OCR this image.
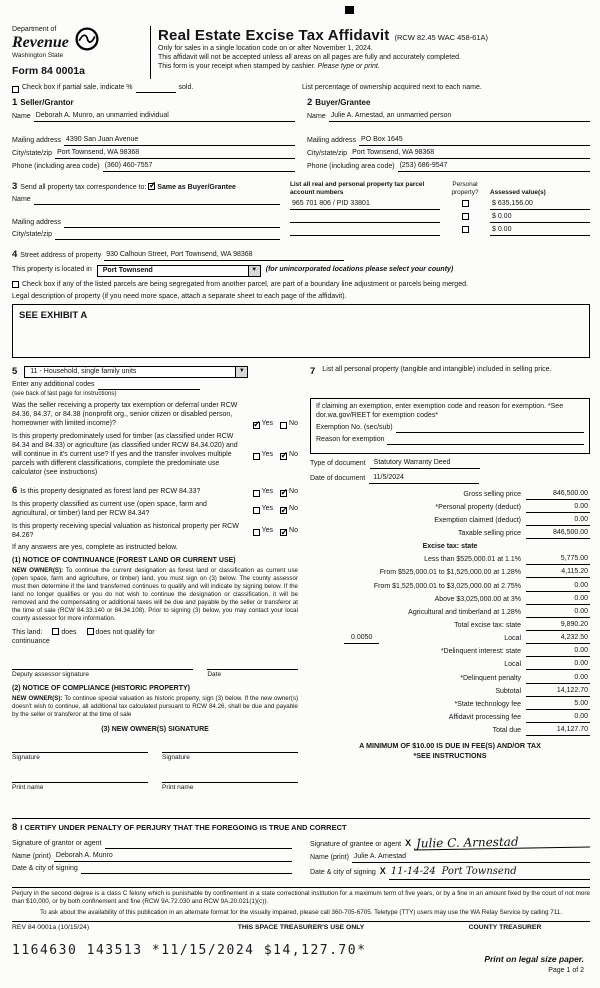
Department of
Revenue
Washington State
Form 84 0001a
Real Estate Excise Tax Affidavit (RCW 82.45 WAC 458-61A)
Only for sales in a single location code on or after November 1, 2024.
This affidavit will not be accepted unless all areas on all pages are fully and accurately completed.
This form is your receipt when stamped by cashier. Please type or print.
Check box if partial sale, indicate %	sold.	List percentage of ownership acquired next to each name.
1 Seller/Grantor
Name Deborah A. Munro, an unmarried individual
Mailing address 4390 San Juan Avenue
City/state/zip Port Townsend, WA 98368
Phone (including area code) (360) 460-7557
2 Buyer/Grantee
Name Julie A. Arnestad, an unmarried person
Mailing address PO Box 1645
City/state/zip Port Townsend, WA 98368
Phone (including area code) (253) 686-9547
3 Send all property tax correspondence to: ✓ Same as Buyer/Grantee
Name
Mailing address
City/state/zip
List all real and personal property tax parcel account numbers
Personal property?	Assessed value(s)
965 701 806 / PID 33801	$ 635,156.00
$ 0.00
$ 0.00
4 Street address of property 930 Calhoun Street, Port Townsend, WA 98368
This property is located in	Port Townsend	▼	(for unincorporated locations please select your county)
Check box if any of the listed parcels are being segregated from another parcel, are part of a boundary line adjustment or parcels being merged.
Legal description of property (if you need more space, attach a separate sheet to each page of the affidavit).
SEE EXHIBIT A
5	11 - Household, single family units	▼
Enter any additional codes
(see back of last page for instructions)
Was the seller receiving a property tax exemption or deferral under RCW 84.36, 84.37, or 84.38 (nonprofit org., senior citizen or disabled person, homeowner with limited income)? ✓	Yes No
Is this property predominately used for timber (as classified under RCW 84.34 and 84.33) or agriculture (as classified under RCW 84.34.020) and will continue in it's current use? If yes and the transfer involves multiple parcels with different classifications, complete the predominate use calculator (see instructions)
Yes ✓ No
6 Is this property designated as forest land per RCW 84.33?	Yes ✓ No
Is this property classified as current use (open space, farm and agricultural, or timber) land per RCW 84.34?
Yes ✓ No
Is this property receiving special valuation as historical property per RCW 84.26?
Yes ✓ No
If any answers are yes, complete as instructed below.
(1) NOTICE OF CONTINUANCE (FOREST LAND OR CURRENT USE)
NEW OWNER(S): To continue the current designation as forest land or classification as current use (open space, farm and agriculture, or timber) land, you must sign on (3) below. The county assessor must then determine if the land transferred continues to qualify and will indicate by signing below. If the land no longer qualifies or you do not wish to continue the designation or classification, it will be removed and the compensating or additional taxes will be due and payable by the seller or transferor at the time of sale (RCW 84.33.140 or 84.34.108). Prior to signing (3) below, you may contact your local county assessor for more information.
This land:	does	does not qualify for
continuance
Deputy assessor signature	Date
(2) NOTICE OF COMPLIANCE (HISTORIC PROPERTY)
NEW OWNER(S): To continue special valuation as historic property, sign (3) below. If the new owner(s) doesn't wish to continue, all additional tax calculated pursuant to RCW 84.26, shall be due and payable by the seller or transferor at the time of sale
(3) NEW OWNER(S) SIGNATURE
Signature	Signature
Print name	Print name
7 List all personal property (tangible and intangible) included in selling price.
If claiming an exemption, enter exemption code and reason for exemption. *See dor.wa.gov/REET for exemption codes*
Exemption No. (sec/sub)
Reason for exemption
Type of document	Statutory Warranty Deed
Date of document	11/5/2024
Gross selling price	846,500.00
*Personal property (deduct)	0.00
Exemption claimed (deduct)	0.00
Taxable selling price	846,500.00
Excise tax: state
Less than $525,000.01 at 1.1%	5,775.00
From $525,000.01 to $1,525,000.00 at 1.28%	4,115.20
From $1,525,000.01 to $3,025,000.00 at 2.75%	0.00
Above $3,025,000.00 at 3%	0.00
Agricultural and timberland at 1.28%	0.00
Total excise tax: state	9,890.20
0.0050	Local	4,232.50
*Delinquent interest: state	0.00
Local	0.00
*Delinquent penalty	0.00
Subtotal	14,122.70
*State technology fee	5.00
Affidavit processing fee	0.00
Total due	14,127.70
A MINIMUM OF $10.00 IS DUE IN FEE(S) AND/OR TAX
*SEE INSTRUCTIONS
8 I CERTIFY UNDER PENALTY OF PERJURY THAT THE FOREGOING IS TRUE AND CORRECT
Signature of grantor or agent
Name (print) Deborah A. Munro
Date & city of signing
Signature of grantee or agent X Julie C. Arnestad
Name (print) Julie A. Arnestad
Date & city of signing X 11-14-24 Port Townsend
Perjury in the second degree is a class C felony which is punishable by confinement in a state correctional institution for a maximum term of five years, or by a fine in an amount fixed by the court of not more than $10,000, or by both confinement and fine (RCW 9A.72.030 and RCW 9A.20.021(1)(c)).
To ask about the availability of this publication in an alternate format for the visually impaired, please call 360-705-6705. Teletype (TTY) users may use the WA Relay Service by calling 711.
REV 84 0001a (10/15/24)	THIS SPACE TREASURER'S USE ONLY	COUNTY TREASURER
1164630 143513 *11/15/2024 $14,127.70*
Print on legal size paper.
Page 1 of 2
